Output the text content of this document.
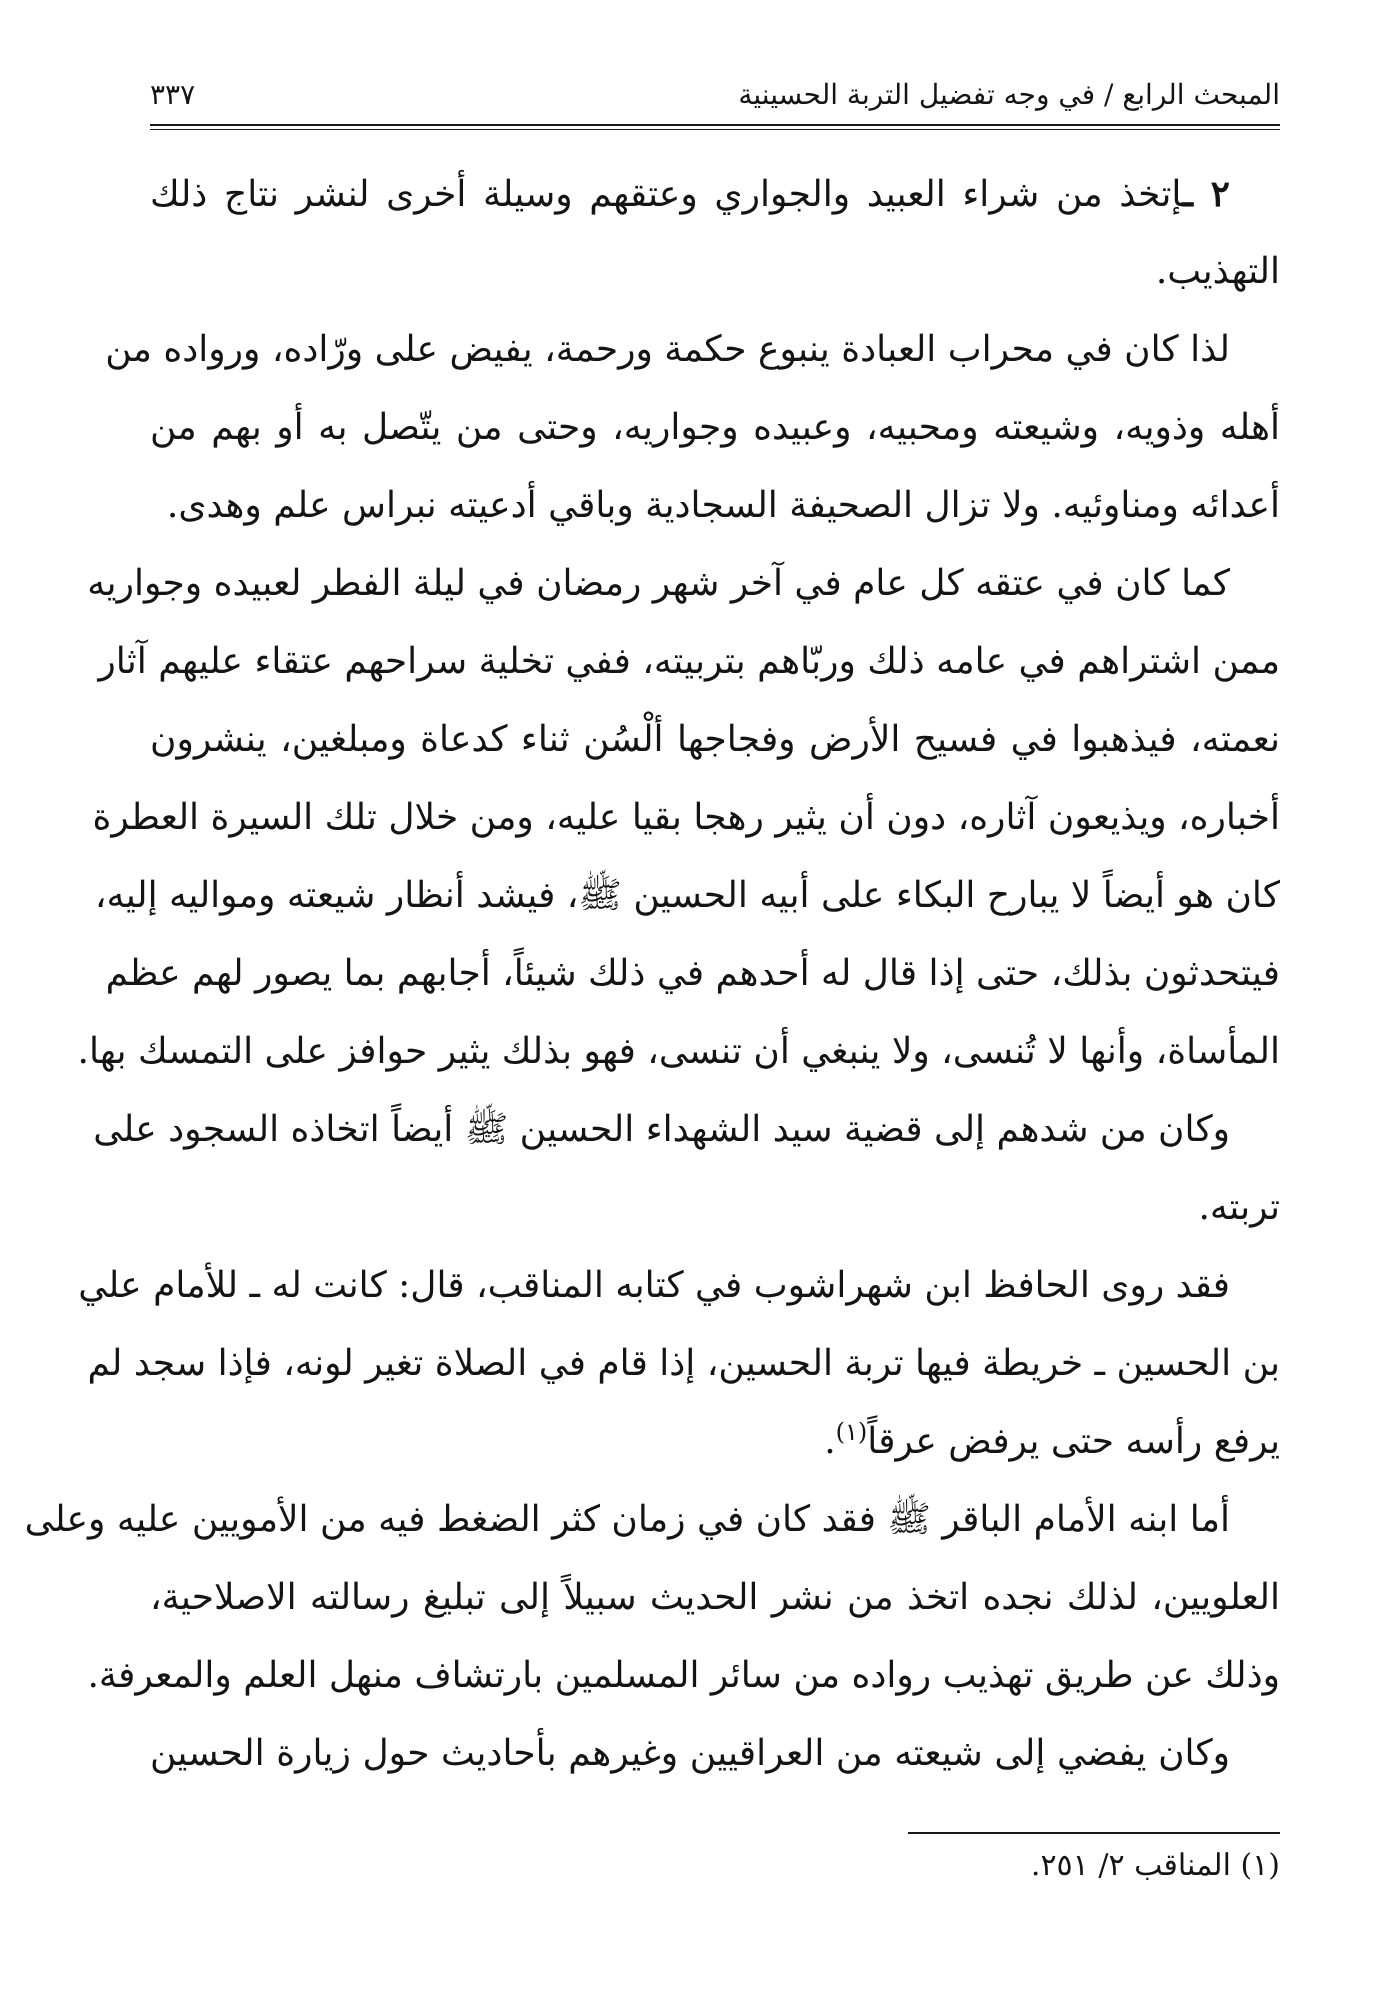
المبحث الرابع / في وجه تفضيل التربة الحسينية
٣٣٧
٢ ـإتخذ من شراء العبيد والجواري وعتقهم وسيلة أخرى لنشر نتاج ذلك
التهذيب.
لذا كان في محراب العبادة ينبوع حكمة ورحمة، يفيض على ورّاده، ورواده من
أهله وذويه، وشيعته ومحبيه، وعبيده وجواريه، وحتى من يتّصل به أو بهم من
أعدائه ومناوئيه. ولا تزال الصحيفة السجادية وباقي أدعيته نبراس علم وهدى.
كما كان في عتقه كل عام في آخر شهر رمضان في ليلة الفطر لعبيده وجواريه
ممن اشتراهم في عامه ذلك وربّاهم بتربيته، ففي تخلية سراحهم عتقاء عليهم آثار
نعمته، فيذهبوا في فسيح الأرض وفجاجها ألْسُن ثناء كدعاة ومبلغين، ينشرون
أخباره، ويذيعون آثاره، دون أن يثير رهجا بقيا عليه، ومن خلال تلك السيرة العطرة
كان هو أيضاً لا يبارح البكاء على أبيه الحسين ﷺ، فيشد أنظار شيعته ومواليه إليه،
فيتحدثون بذلك، حتى إذا قال له أحدهم في ذلك شيئاً، أجابهم بما يصور لهم عظم
المأساة، وأنها لا تُنسى، ولا ينبغي أن تنسى، فهو بذلك يثير حوافز على التمسك بها.
وكان من شدهم إلى قضية سيد الشهداء الحسين ﷺ أيضاً اتخاذه السجود على
تربته.
فقد روى الحافظ ابن شهراشوب في كتابه المناقب، قال: كانت له ـ للأمام علي
بن الحسين ـ خريطة فيها تربة الحسين، إذا قام في الصلاة تغير لونه، فإذا سجد لم
يرفع رأسه حتى يرفض عرقاً$^{(١)}$.
أما ابنه الأمام الباقر ﷺ فقد كان في زمان كثر الضغط فيه من الأمويين عليه وعلى
العلويين، لذلك نجده اتخذ من نشر الحديث سبيلاً إلى تبليغ رسالته الاصلاحية،
وذلك عن طريق تهذيب رواده من سائر المسلمين بارتشاف منهل العلم والمعرفة.
وكان يفضي إلى شيعته من العراقيين وغيرهم بأحاديث حول زيارة الحسين
(١) المناقب ٢/ ٢٥١.
